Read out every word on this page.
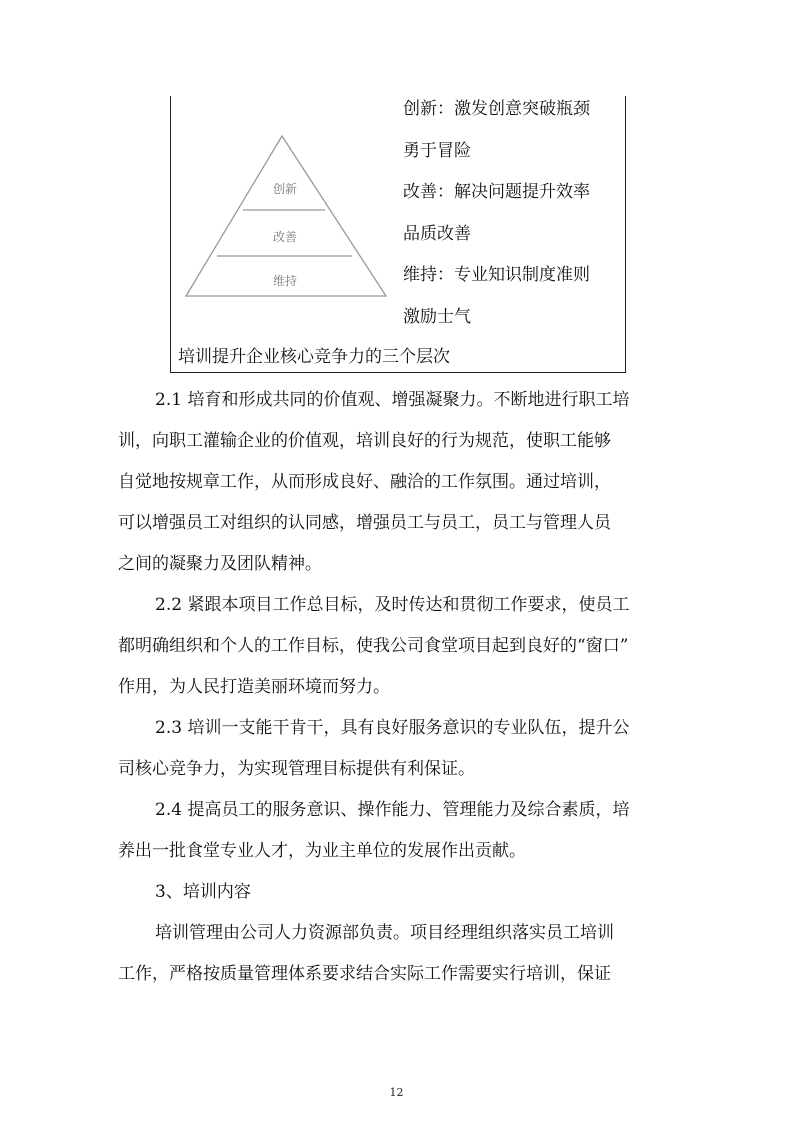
创新
改善
维持
创新：激发创意突破瓶颈
勇于冒险
改善：解决问题提升效率
品质改善
维持：专业知识制度准则
激励士气
培训提升企业核心竞争力的三个层次
2.1 培育和形成共同的价值观、增强凝聚力。不断地进行职工培
训，向职工灌输企业的价值观，培训良好的行为规范，使职工能够
自觉地按规章工作，从而形成良好、融洽的工作氛围。通过培训，
可以增强员工对组织的认同感，增强员工与员工，员工与管理人员
之间的凝聚力及团队精神。
2.2 紧跟本项目工作总目标，及时传达和贯彻工作要求，使员工
都明确组织和个人的工作目标，使我公司食堂项目起到良好的“窗口”
作用，为人民打造美丽环境而努力。
2.3 培训一支能干肯干，具有良好服务意识的专业队伍，提升公
司核心竞争力，为实现管理目标提供有利保证。
2.4 提高员工的服务意识、操作能力、管理能力及综合素质，培
养出一批食堂专业人才，为业主单位的发展作出贡献。
3、培训内容
培训管理由公司人力资源部负责。项目经理组织落实员工培训
工作，严格按质量管理体系要求结合实际工作需要实行培训，保证
12
